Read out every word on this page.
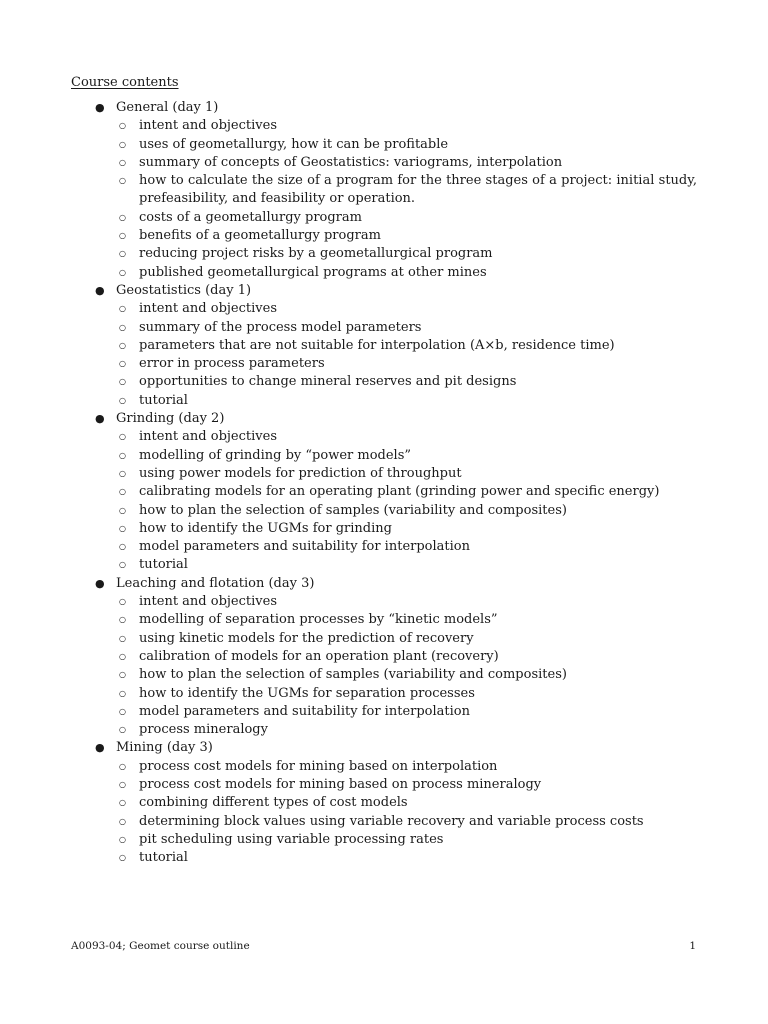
Course contents
● General (day 1)
○ intent and objectives
○ uses of geometallurgy, how it can be profitable
○ summary of concepts of Geostatistics: variograms, interpolation
○ how to calculate the size of a program for the three stages of a project: initial study, prefeasibility, and feasibility or operation.
○ costs of a geometallurgy program
○ benefits of a geometallurgy program
○ reducing project risks by a geometallurgical program
○ published geometallurgical programs at other mines
● Geostatistics (day 1)
○ intent and objectives
○ summary of the process model parameters
○ parameters that are not suitable for interpolation (A×b, residence time)
○ error in process parameters
○ opportunities to change mineral reserves and pit designs
○ tutorial
● Grinding (day 2)
○ intent and objectives
○ modelling of grinding by “power models”
○ using power models for prediction of throughput
○ calibrating models for an operating plant (grinding power and specific energy)
○ how to plan the selection of samples (variability and composites)
○ how to identify the UGMs for grinding
○ model parameters and suitability for interpolation
○ tutorial
● Leaching and flotation (day 3)
○ intent and objectives
○ modelling of separation processes by “kinetic models”
○ using kinetic models for the prediction of recovery
○ calibration of models for an operation plant (recovery)
○ how to plan the selection of samples (variability and composites)
○ how to identify the UGMs for separation processes
○ model parameters and suitability for interpolation
○ process mineralogy
● Mining (day 3)
○ process cost models for mining based on interpolation
○ process cost models for mining based on process mineralogy
○ combining different types of cost models
○ determining block values using variable recovery and variable process costs
○ pit scheduling using variable processing rates
○ tutorial
A0093-04; Geomet course outline	1
